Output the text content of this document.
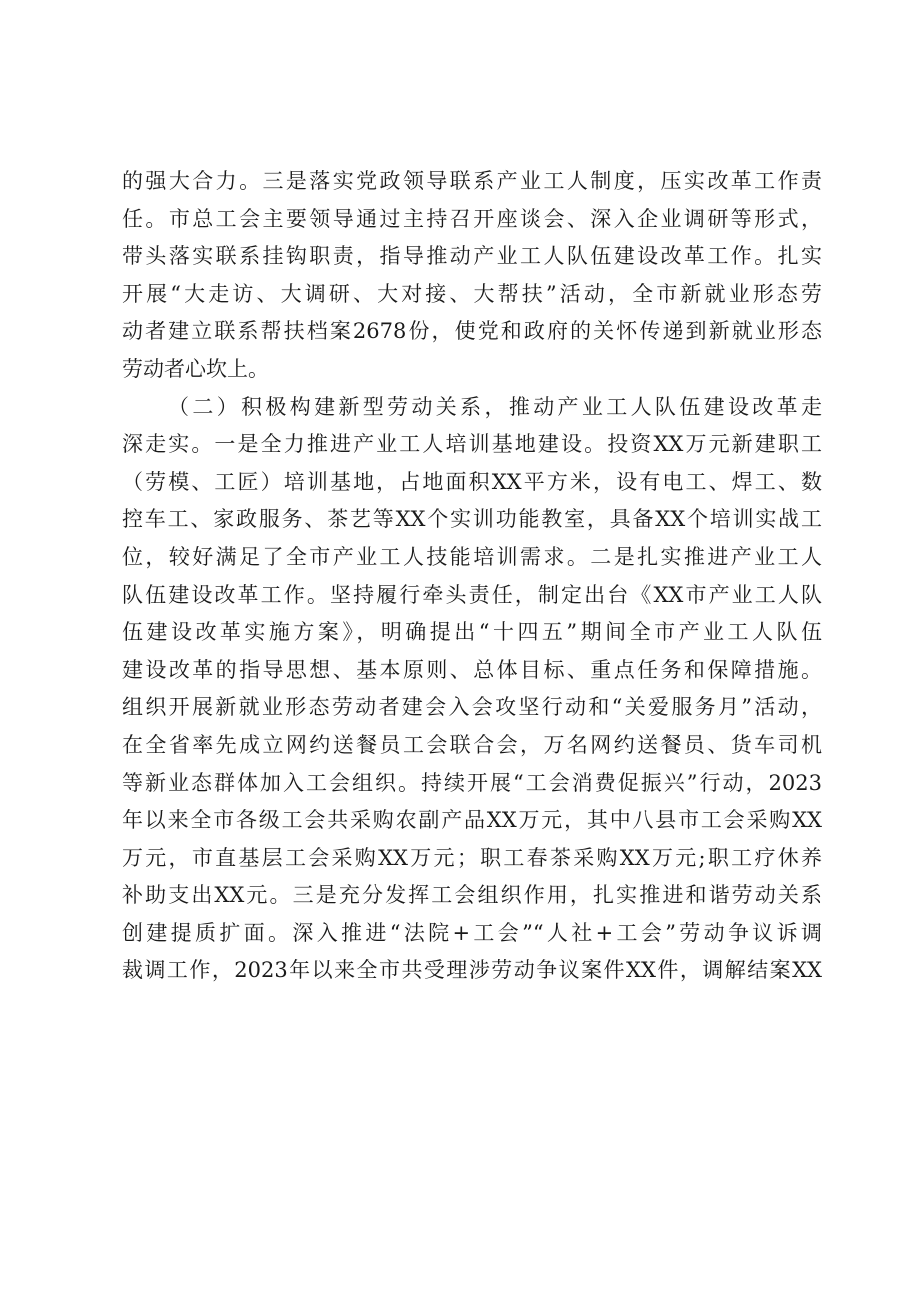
的强大合力。三是落实党政领导联系产业工人制度，压实改革工作责
任。市总工会主要领导通过主持召开座谈会、深入企业调研等形式，
带头落实联系挂钩职责，指导推动产业工人队伍建设改革工作。扎实
开展“大走访、大调研、大对接、大帮扶”活动，全市新就业形态劳
动者建立联系帮扶档案2678份，使党和政府的关怀传递到新就业形态
劳动者心坎上。
（二）积极构建新型劳动关系，推动产业工人队伍建设改革走
深走实。一是全力推进产业工人培训基地建设。投资XX万元新建职工
（劳模、工匠）培训基地，占地面积XX平方米，设有电工、焊工、数
控车工、家政服务、茶艺等XX个实训功能教室，具备XX个培训实战工
位，较好满足了全市产业工人技能培训需求。二是扎实推进产业工人
队伍建设改革工作。坚持履行牵头责任，制定出台《XX市产业工人队
伍建设改革实施方案》，明确提出“十四五”期间全市产业工人队伍
建设改革的指导思想、基本原则、总体目标、重点任务和保障措施。
组织开展新就业形态劳动者建会入会攻坚行动和“关爱服务月”活动，
在全省率先成立网约送餐员工会联合会，万名网约送餐员、货车司机
等新业态群体加入工会组织。持续开展“工会消费促振兴”行动，2023
年以来全市各级工会共采购农副产品XX万元，其中八县市工会采购XX
万元，市直基层工会采购XX万元；职工春茶采购XX万元;职工疗休养
补助支出XX元。三是充分发挥工会组织作用，扎实推进和谐劳动关系
创建提质扩面。深入推进“法院+工会”“人社+工会”劳动争议诉调
裁调工作，2023年以来全市共受理涉劳动争议案件XX件，调解结案XX
